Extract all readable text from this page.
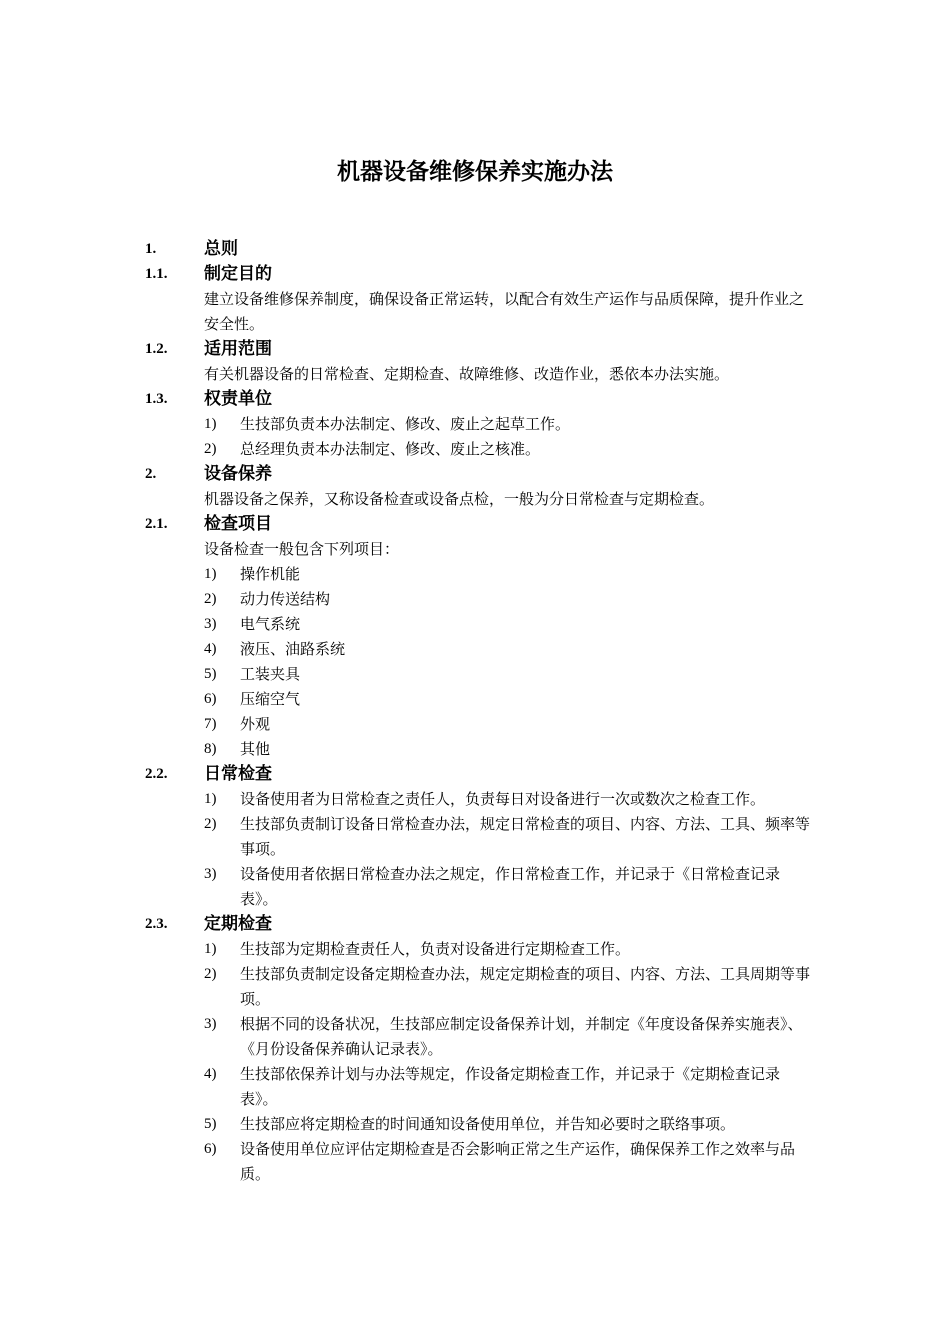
机器设备维修保养实施办法
1.	总则
1.1. 制定目的
建立设备维修保养制度，确保设备正常运转，以配合有效生产运作与品质保障，提升作业之安全性。
1.2. 适用范围
有关机器设备的日常检查、定期检查、故障维修、改造作业，悉依本办法实施。
1.3. 权责单位
1) 生技部负责本办法制定、修改、废止之起草工作。
2) 总经理负责本办法制定、修改、废止之核准。
2.	设备保养
机器设备之保养，又称设备检查或设备点检，一般为分日常检查与定期检查。
2.1. 检查项目
设备检查一般包含下列项目：
1) 操作机能
2) 动力传送结构
3) 电气系统
4) 液压、油路系统
5) 工装夹具
6) 压缩空气
7) 外观
8) 其他
2.2. 日常检查
1) 设备使用者为日常检查之责任人，负责每日对设备进行一次或数次之检查工作。
2) 生技部负责制订设备日常检查办法，规定日常检查的项目、内容、方法、工具、频率等事项。
3) 设备使用者依据日常检查办法之规定，作日常检查工作，并记录于《日常检查记录表》。
2.3. 定期检查
1) 生技部为定期检查责任人，负责对设备进行定期检查工作。
2) 生技部负责制定设备定期检查办法，规定定期检查的项目、内容、方法、工具周期等事项。
3) 根据不同的设备状况，生技部应制定设备保养计划，并制定《年度设备保养实施表》、《月份设备保养确认记录表》。
4) 生技部依保养计划与办法等规定，作设备定期检查工作，并记录于《定期检查记录表》。
5) 生技部应将定期检查的时间通知设备使用单位，并告知必要时之联络事项。
6) 设备使用单位应评估定期检查是否会影响正常之生产运作，确保保养工作之效率与品质。
